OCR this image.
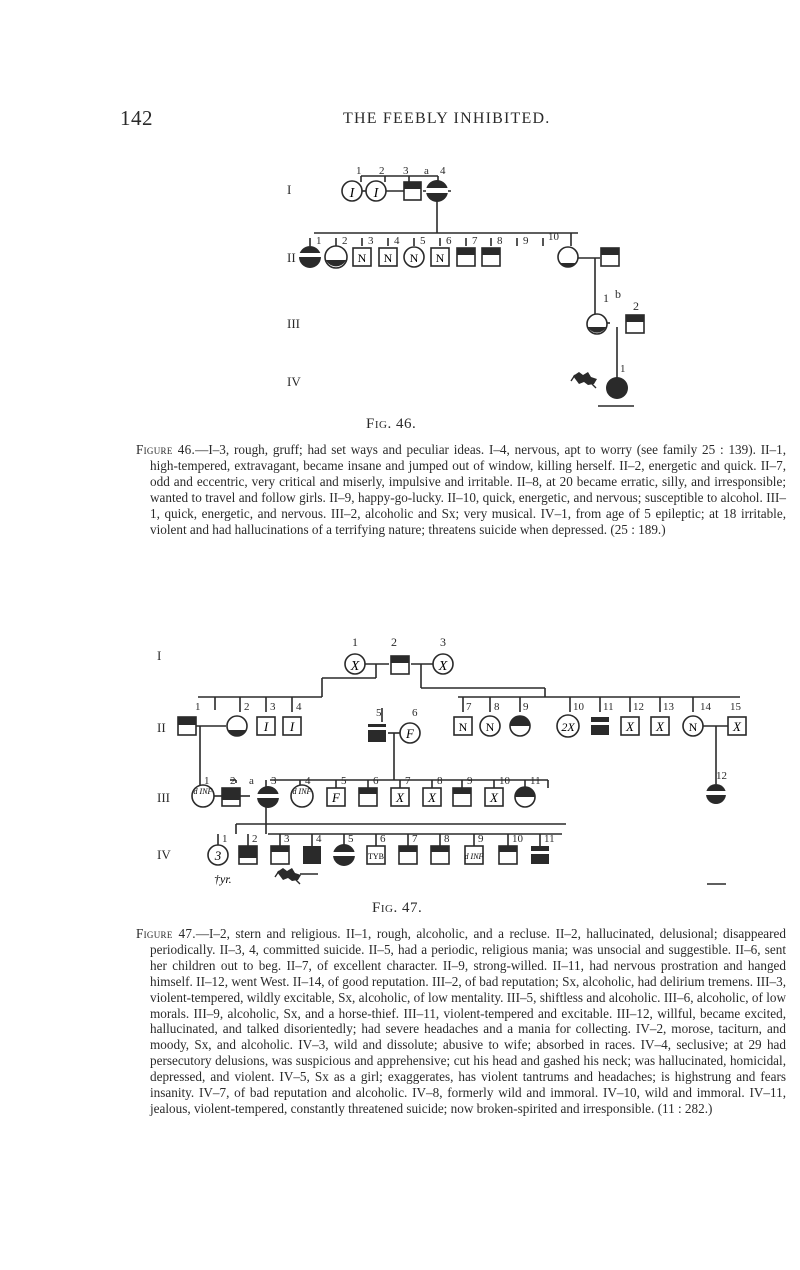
142	THE FEEBLY INHIBITED.
I I
N N N N
I
II
III
IV
1 2 3 a 4
1 2 3 4 5 6 7 8 9 10
1 b
2
1
Fig. 46.
Figure 46.—I–3, rough, gruff; had set ways and peculiar ideas. I–4, nervous, apt to worry (see family 25 : 139). II–1, high-tempered, extravagant, became insane and jumped out of window, killing herself. II–2, energetic and quick. II–7, odd and eccentric, very critical and miserly, impulsive and irritable. II–8, at 20 became erratic, silly, and irresponsible; wanted to travel and follow girls. II–9, happy-go-lucky. II–10, quick, energetic, and nervous; susceptible to alcohol. III–1, quick, energetic, and nervous. III–2, alcoholic and Sx; very musical. IV–1, from age of 5 epileptic; at 18 irritable, violent and had hallucinations of a terrifying nature; threatens suicide when depressed. (25 : 189.)
X	X
I I	F	N N	2X	X X N	X
d INF	d INF F	X X	X
3	TYB	d INF
†yr.
I
II
III
IV
1	2	3
1	2 3 4	5	6	7 8 9	10 11 12 13 14 15
1 2 a 3	4	5 6 7 8 9 10 11	12
1 2 3 4 5 6 7 8	9	10 11
Fig. 47.
Figure 47.—I–2, stern and religious. II–1, rough, alcoholic, and a recluse. II–2, hallucinated, delusional; disappeared periodically. II–3, 4, committed suicide. II–5, had a periodic, religious mania; was unsocial and suggestible. II–6, sent her children out to beg. II–7, of excellent character. II–9, strong-willed. II–11, had nervous prostration and hanged himself. II–12, went West. II–14, of good reputation. III–2, of bad reputation; Sx, alcoholic, had delirium tremens. III–3, violent-tempered, wildly excitable, Sx, alcoholic, of low mentality. III–5, shiftless and alcoholic. III–6, alcoholic, of low morals. III–9, alcoholic, Sx, and a horse-thief. III–11, violent-tempered and excitable. III–12, willful, became excited, hallucinated, and talked disorientedly; had severe headaches and a mania for collecting. IV–2, morose, taciturn, and moody, Sx, and alcoholic. IV–3, wild and dissolute; abusive to wife; absorbed in races. IV–4, seclusive; at 29 had persecutory delusions, was suspicious and apprehensive; cut his head and gashed his neck; was hallucinated, homicidal, depressed, and violent. IV–5, Sx as a girl; exaggerates, has violent tantrums and headaches; is highstrung and fears insanity. IV–7, of bad reputation and alcoholic. IV–8, formerly wild and immoral. IV–10, wild and immoral. IV–11, jealous, violent-tempered, constantly threatened suicide; now broken-spirited and irresponsible. (11 : 282.)
